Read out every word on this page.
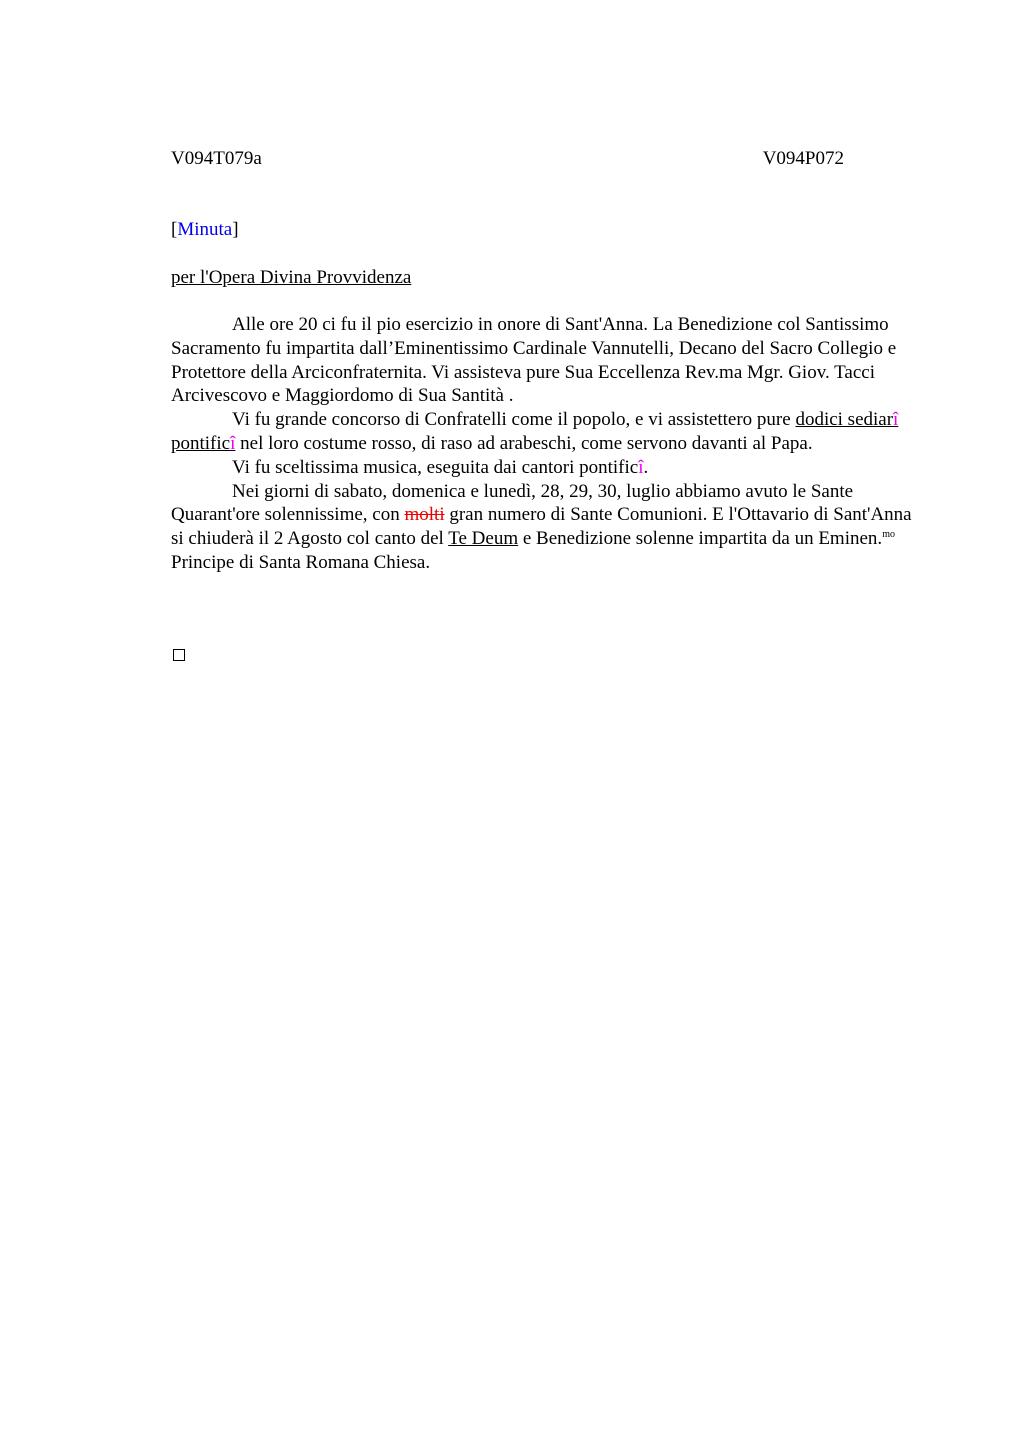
V094T079a	V094P072
[Minuta]
per l'Opera Divina Provvidenza

Alle ore 20 ci fu il pio esercizio in onore di Sant'Anna. La Benedizione col Santissimo Sacramento fu impartita dall’Eminentissimo Cardinale Vannutelli, Decano del Sacro Collegio e Protettore della Arciconfraternita. Vi assisteva pure Sua Eccellenza Rev.ma Mgr. Giov. Tacci Arcivescovo e Maggiordomo di Sua Santità .

Vi fu grande concorso di Confratelli come il popolo, e vi assistettero pure dodici sediarî pontificî nel loro costume rosso, di raso ad arabeschi, come servono davanti al Papa.

Vi fu sceltissima musica, eseguita dai cantori pontificî.

Nei giorni di sabato, domenica e lunedì, 28, 29, 30, luglio abbiamo avuto le Sante Quarant'ore solennissime, con molti gran numero di Sante Comunioni. E l'Ottavario di Sant'Anna si chiuderà il 2 Agosto col canto del Te Deum e Benedizione solenne impartita da un Eminen.$^{mo}$ Principe di Santa Romana Chiesa.
